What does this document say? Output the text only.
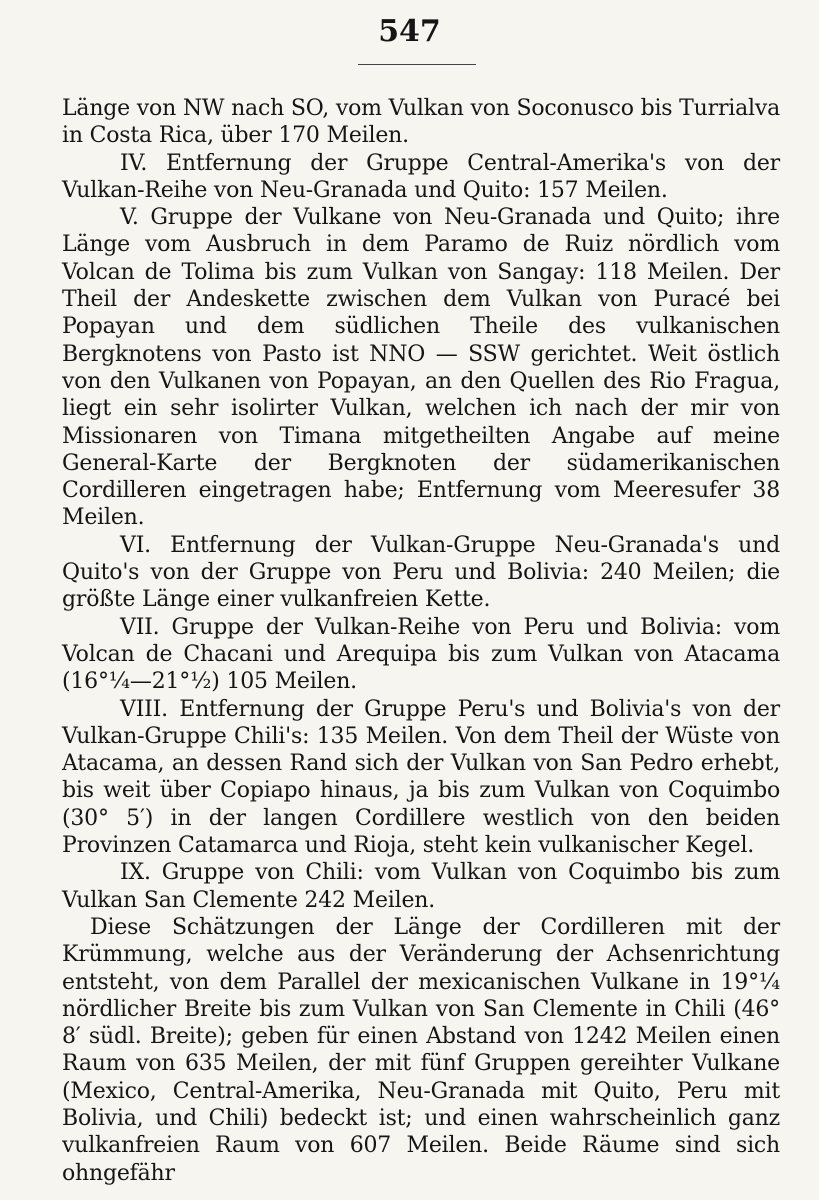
547

Länge von NW nach SO, vom Vulkan von Soconusco bis Turrialva in Costa Rica, über 170 Meilen.

IV. Entfernung der Gruppe Central-Amerika's von der Vulkan-Reihe von Neu-Granada und Quito: 157 Meilen.

V. Gruppe der Vulkane von Neu-Granada und Quito; ihre Länge vom Ausbruch in dem Paramo de Ruiz nördlich vom Volcan de Tolima bis zum Vulkan von Sangay: 118 Meilen. Der Theil der Andeskette zwischen dem Vulkan von Puracé bei Popayan und dem südlichen Theile des vulkanischen Bergknotens von Pasto ist NNO — SSW gerichtet. Weit östlich von den Vulkanen von Popayan, an den Quellen des Rio Fragua, liegt ein sehr isolirter Vulkan, welchen ich nach der mir von Missionaren von Timana mitgetheilten Angabe auf meine General-Karte der Bergknoten der südamerikanischen Cordilleren eingetragen habe; Entfernung vom Meeresufer 38 Meilen.

VI. Entfernung der Vulkan-Gruppe Neu-Granada's und Quito's von der Gruppe von Peru und Bolivia: 240 Meilen; die größte Länge einer vulkanfreien Kette.

VII. Gruppe der Vulkan-Reihe von Peru und Bolivia: vom Volcan de Chacani und Arequipa bis zum Vulkan von Atacama (16°¼—21°½) 105 Meilen.

VIII. Entfernung der Gruppe Peru's und Bolivia's von der Vulkan-Gruppe Chili's: 135 Meilen. Von dem Theil der Wüste von Atacama, an dessen Rand sich der Vulkan von San Pedro erhebt, bis weit über Copiapo hinaus, ja bis zum Vulkan von Coquimbo (30° 5′) in der langen Cordillere westlich von den beiden Provinzen Catamarca und Rioja, steht kein vulkanischer Kegel.

IX. Gruppe von Chili: vom Vulkan von Coquimbo bis zum Vulkan San Clemente 242 Meilen.

Diese Schätzungen der Länge der Cordilleren mit der Krümmung, welche aus der Veränderung der Achsenrichtung entsteht, von dem Parallel der mexicanischen Vulkane in 19°¼ nördlicher Breite bis zum Vulkan von San Clemente in Chili (46° 8′ südl. Breite); geben für einen Abstand von 1242 Meilen einen Raum von 635 Meilen, der mit fünf Gruppen gereihter Vulkane (Mexico, Central-Amerika, Neu-Granada mit Quito, Peru mit Bolivia, und Chili) bedeckt ist; und einen wahrscheinlich ganz vulkanfreien Raum von 607 Meilen. Beide Räume sind sich ohngefähr
